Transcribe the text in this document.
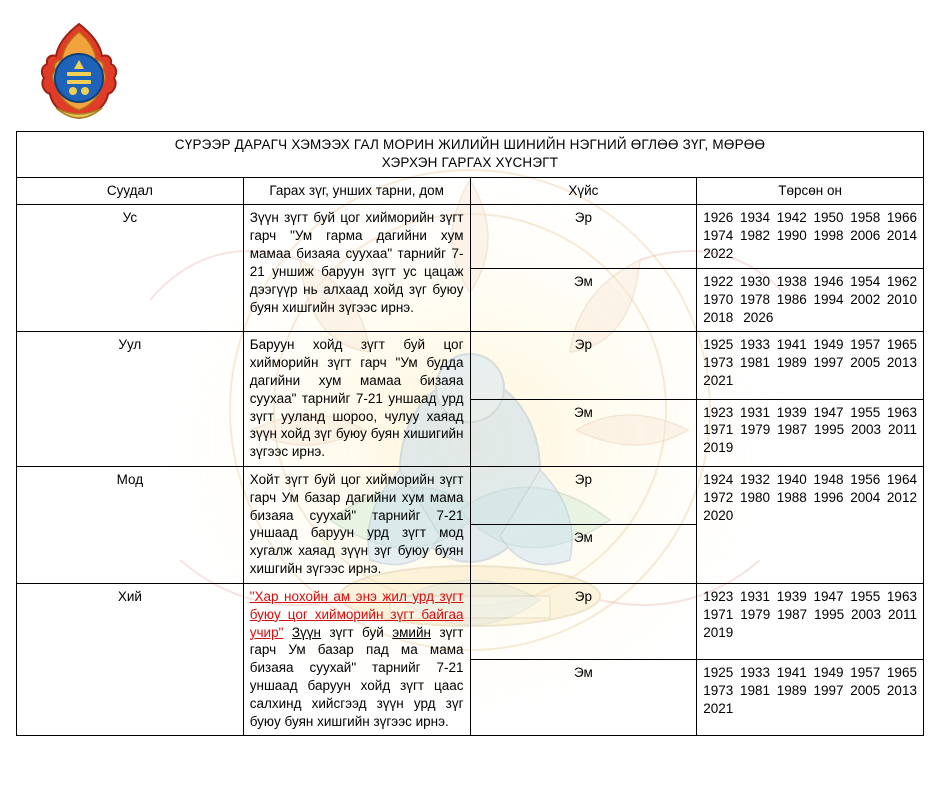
СҮРЭЭР ДАРАГЧ ХЭМЭЭХ ГАЛ МОРИН ЖИЛИЙН ШИНИЙН НЭГНИЙ ӨГЛӨӨ ЗҮГ, МӨРӨӨ
ХЭРХЭН ГАРГАХ ХҮСНЭГТ			

Суудал	Гарах зүг, унших тарни, дом	Хүйс	Төрсөн он
Ус	Зүүн зүгт буй цог хийморийн зүгт гарч "Ум гарма дагийни хум мамаа бизаяа суухаа" тарнийг 7-21 уншиж баруун зүгт ус цацаж дээгүүр нь алхаад хойд зүг буюу буян хишгийн зүгээс ирнэ.	Эр	1926 1934 1942 1950 1958 1966
1974 1982 1990 1998 2006 2014
2022

Эм	1922 1930 1938 1946 1954 1962
1970 1978 1986 1994 2002 2010
2018 2026

Уул	Баруун хойд зүгт буй цог хийморийн зүгт гарч "Ум будда дагийни хум мамаа бизаяа суухаа" тарнийг 7-21 уншаад урд зүгт ууланд шороо, чулуу хаяад зүүн хойд зүг буюу буян хишигийн зүгээс ирнэ.	Эр	1925 1933 1941 1949 1957 1965
1973 1981 1989 1997 2005 2013
2021

Эм	1923 1931 1939 1947 1955 1963
1971 1979 1987 1995 2003 2011
2019

Мод	Хойт зүгт буй цог хийморийн зүгт гарч Ум базар дагийни хум мама бизаяа суухай" тарнийг 7-21 уншаад баруун урд зүгт мод хугалж хаяад зүүн зүг буюу буян хишгийн зүгээс ирнэ.	Эр	1924 1932 1940 1948 1956 1964
1972 1980 1988 1996 2004 2012
2020

		Эм	
Хий	"Хар нохойн ам энэ жил урд зүгт буюу цог хийморийн зүгт байгаа учир" Зүүн зүгт буй эмийн зүгт гарч Ум базар пад ма мама бизаяа суухай" тарнийг 7-21 уншаад баруун хойд зүгт цаас салхинд хийсгээд зүүн урд зүг буюу буян хишгийн зүгээс ирнэ.	Эр	1923 1931 1939 1947 1955 1963
1971 1979 1987 1995 2003 2011
2019

Эм	1925 1933 1941 1949 1957 1965
1973 1981 1989 1997 2005 2013
2021
